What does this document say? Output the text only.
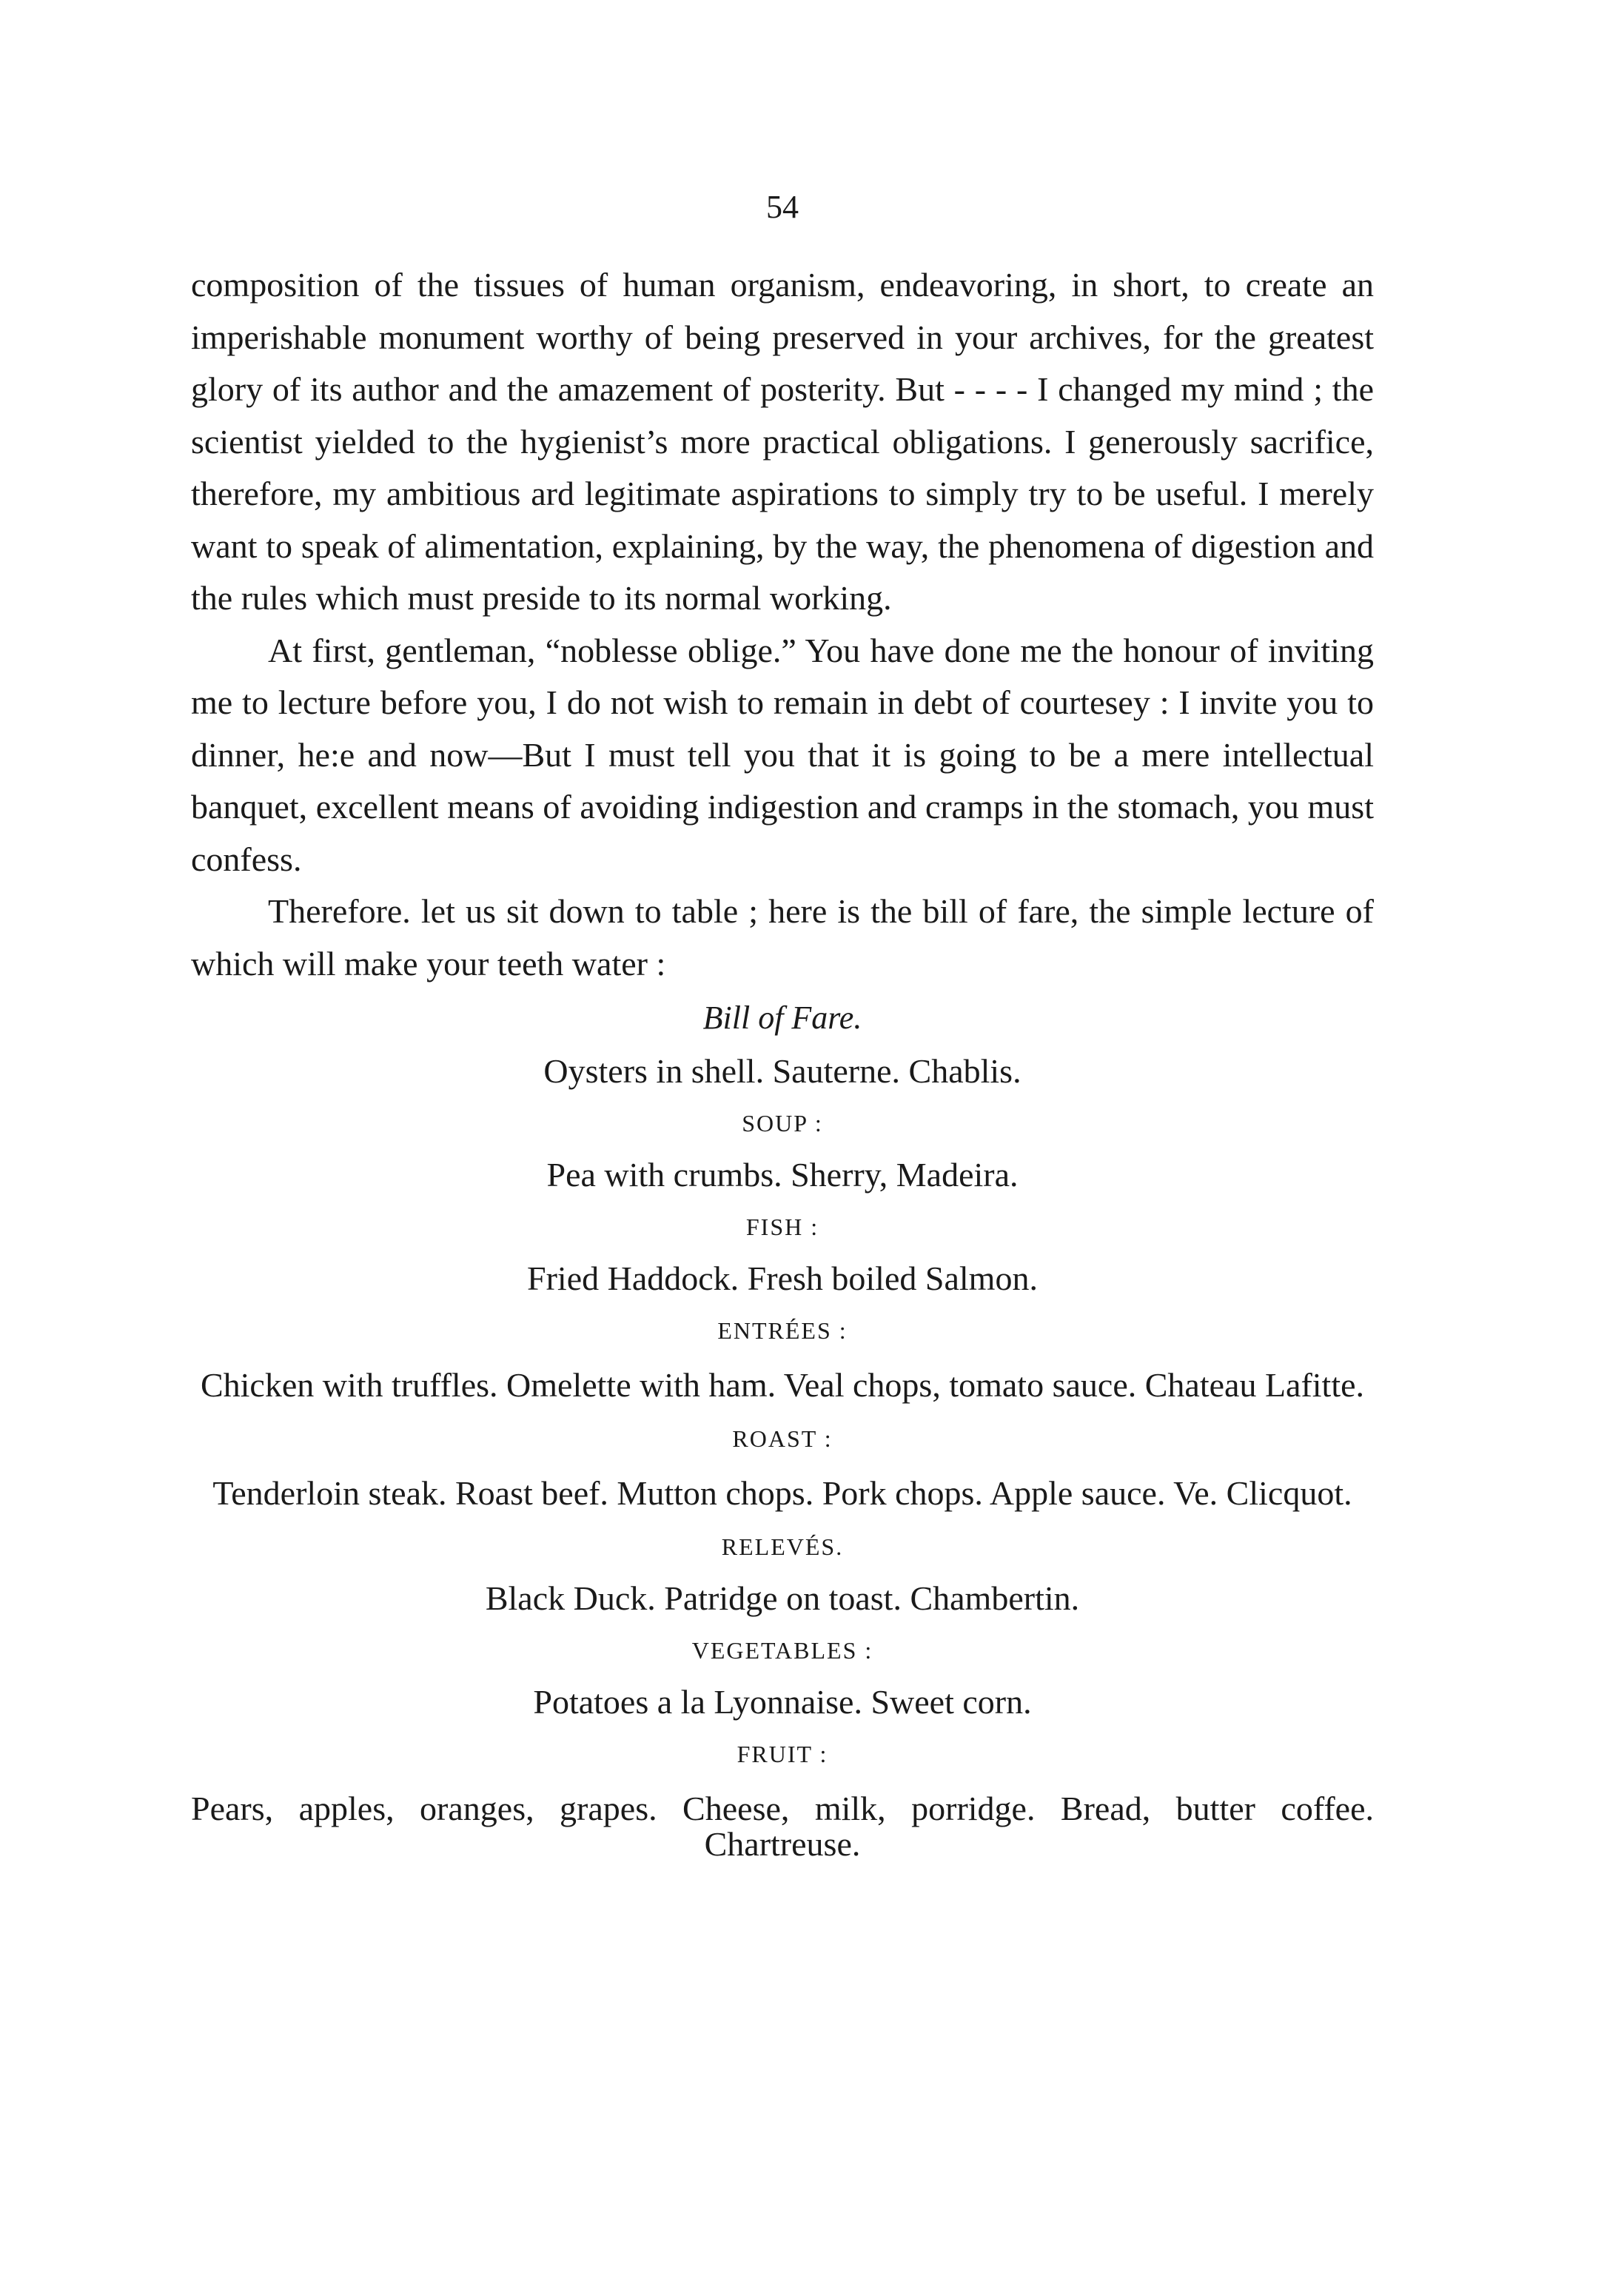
54

composition of the tissues of human organism, endeavoring, in short, to create an imperishable monument worthy of being preserved in your archives, for the greatest glory of its author and the amazement of posterity. But - - - - I changed my mind ; the scientist yielded to the hygienist’s more practical obligations. I generously sacrifice, therefore, my ambitious ard legitimate aspirations to simply try to be useful. I merely want to speak of alimentation, explaining, by the way, the phenomena of digestion and the rules which must preside to its normal working.

At first, gentleman, “noblesse oblige.” You have done me the honour of inviting me to lecture before you, I do not wish to remain in debt of courtesey : I invite you to dinner, he:e and now—But I must tell you that it is going to be a mere intellectual banquet, excellent means of avoiding indigestion and cramps in the stomach, you must confess.

Therefore. let us sit down to table ; here is the bill of fare, the simple lecture of which will make your teeth water :

Bill of Fare.

Oysters in shell. Sauterne. Chablis.

SOUP :

Pea with crumbs. Sherry, Madeira.

FISH :

Fried Haddock. Fresh boiled Salmon.

ENTRÉES :

Chicken with truffles. Omelette with ham. Veal chops, tomato sauce. Chateau Lafitte.

ROAST :

Tenderloin steak. Roast beef. Mutton chops. Pork chops. Apple sauce. Ve. Clicquot.

RELEVÉS.

Black Duck. Patridge on toast. Chambertin.

VEGETABLES :

Potatoes a la Lyonnaise. Sweet corn.

FRUIT :

Pears, apples, oranges, grapes. Cheese, milk, porridge. Bread, butter coffee. Chartreuse.
